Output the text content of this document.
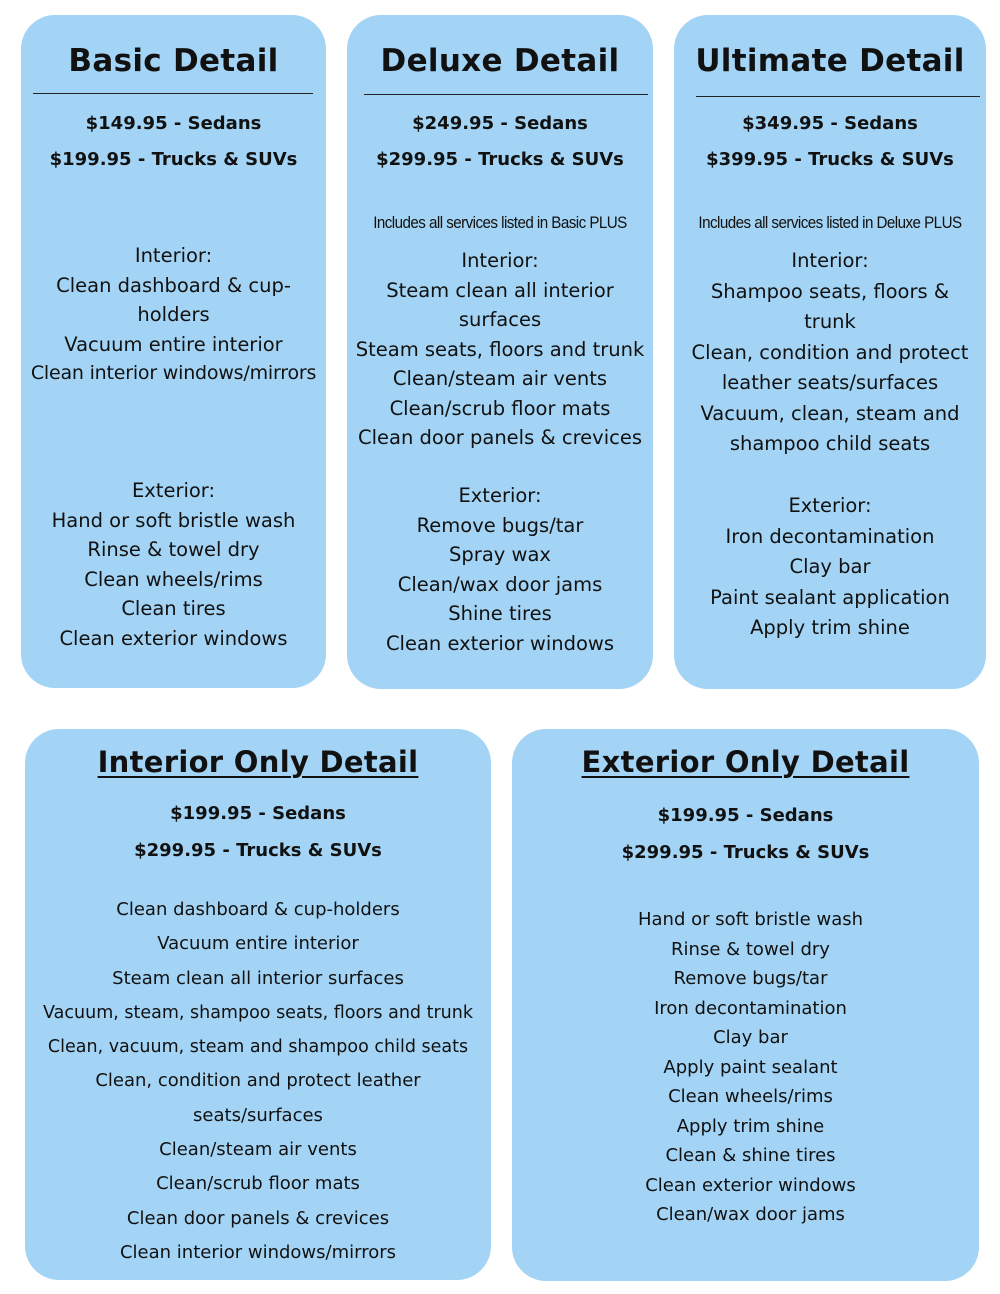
Basic Detail
$149.95 - Sedans
$199.95 - Trucks & SUVs
Interior:
Clean dashboard & cup-
holders
Vacuum entire interior
Clean interior windows/mirrors
Exterior:
Hand or soft bristle wash
Rinse & towel dry
Clean wheels/rims
Clean tires
Clean exterior windows
Deluxe Detail
$249.95 - Sedans
$299.95 - Trucks & SUVs
Includes all services listed in Basic PLUS
Interior:
Steam clean all interior
surfaces
Steam seats, floors and trunk
Clean/steam air vents
Clean/scrub floor mats
Clean door panels & crevices
Exterior:
Remove bugs/tar
Spray wax
Clean/wax door jams
Shine tires
Clean exterior windows
Ultimate Detail
$349.95 - Sedans
$399.95 - Trucks & SUVs
Includes all services listed in Deluxe PLUS
Interior:
Shampoo seats, floors &
trunk
Clean, condition and protect
leather seats/surfaces
Vacuum, clean, steam and
shampoo child seats
Exterior:
Iron decontamination
Clay bar
Paint sealant application
Apply trim shine
Interior Only Detail
$199.95 - Sedans
$299.95 - Trucks & SUVs
Clean dashboard & cup-holders
Vacuum entire interior
Steam clean all interior surfaces
Vacuum, steam, shampoo seats, floors and trunk
Clean, vacuum, steam and shampoo child seats
Clean, condition and protect leather
seats/surfaces
Clean/steam air vents
Clean/scrub floor mats
Clean door panels & crevices
Clean interior windows/mirrors
Exterior Only Detail
$199.95 - Sedans
$299.95 - Trucks & SUVs
Hand or soft bristle wash
Rinse & towel dry
Remove bugs/tar
Iron decontamination
Clay bar
Apply paint sealant
Clean wheels/rims
Apply trim shine
Clean & shine tires
Clean exterior windows
Clean/wax door jams
